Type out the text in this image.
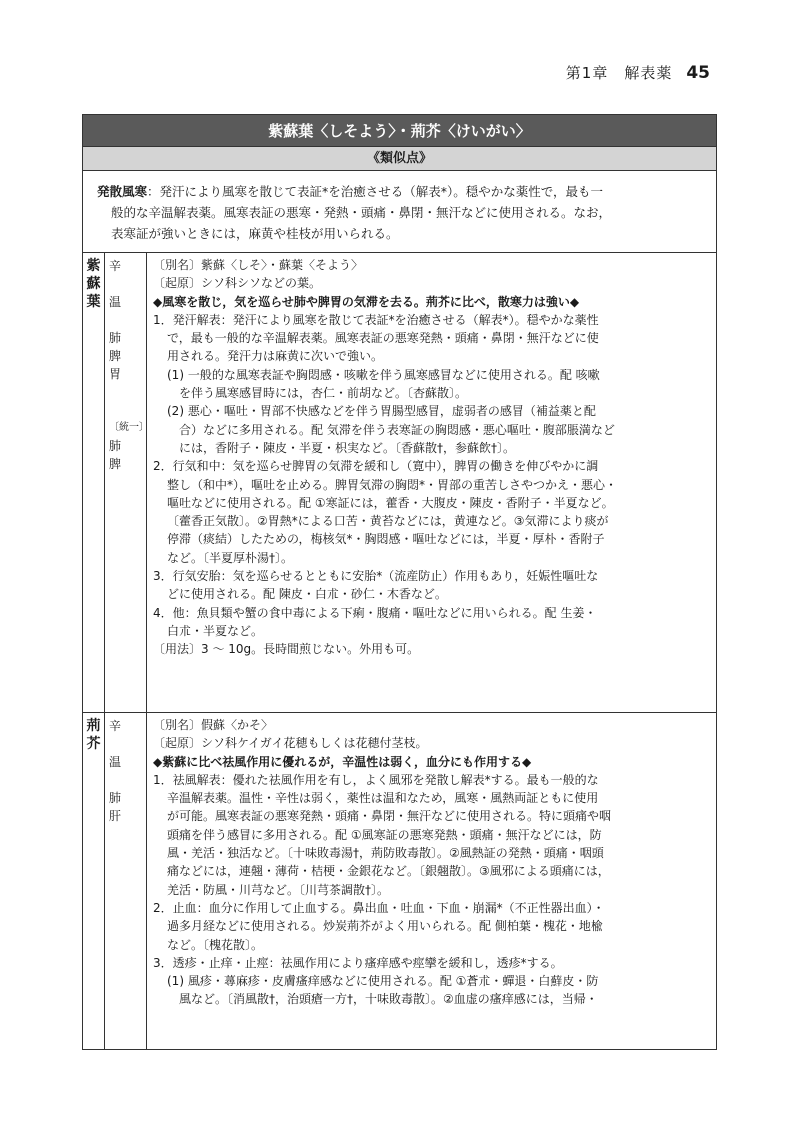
第1章　解表薬 45
紫蘇葉〈しそよう〉・荊芥〈けいがい〉
《類似点》
発散風寒：発汗により風寒を散じて表証*を治癒させる（解表*）。穏やかな薬性で，最も一
般的な辛温解表薬。風寒表証の悪寒・発熱・頭痛・鼻閉・無汗などに使用される。なお，
表寒証が強いときには，麻黄や桂枝が用いられる。
紫
蘇
葉
辛
温
肺
脾
胃
〔統一〕
肺
脾
〔別名〕紫蘇〈しそ〉・蘇葉〈そよう〉
〔起原〕シソ科シソなどの葉。
◆風寒を散じ，気を巡らせ肺や脾胃の気滞を去る。荊芥に比べ，散寒力は強い◆
1．発汗解表：発汗により風寒を散じて表証*を治癒させる（解表*）。穏やかな薬性
で，最も一般的な辛温解表薬。風寒表証の悪寒発熱・頭痛・鼻閉・無汗などに使
用される。発汗力は麻黄に次いで強い。
(1) 一般的な風寒表証や胸悶感・咳嗽を伴う風寒感冒などに使用される。配 咳嗽
を伴う風寒感冒時には，杏仁・前胡など。〔杏蘇散〕。
(2) 悪心・嘔吐・胃部不快感などを伴う胃腸型感冒，虚弱者の感冒（補益薬と配
合）などに多用される。配 気滞を伴う表寒証の胸悶感・悪心嘔吐・腹部脹満など
には，香附子・陳皮・半夏・枳実など。〔香蘇散†，参蘇飲†〕。
2．行気和中：気を巡らせ脾胃の気滞を緩和し（寛中），脾胃の働きを伸びやかに調
整し（和中*），嘔吐を止める。脾胃気滞の胸悶*・胃部の重苦しさやつかえ・悪心・
嘔吐などに使用される。配 ①寒証には，藿香・大腹皮・陳皮・香附子・半夏など。
〔藿香正気散〕。②胃熱*による口苦・黄苔などには，黄連など。③気滞により痰が
停滞（痰結）したための，梅核気*・胸悶感・嘔吐などには，半夏・厚朴・香附子
など。〔半夏厚朴湯†〕。
3．行気安胎：気を巡らせるとともに安胎*（流産防止）作用もあり，妊娠性嘔吐な
どに使用される。配 陳皮・白朮・砂仁・木香など。
4．他：魚貝類や蟹の食中毒による下痢・腹痛・嘔吐などに用いられる。配 生姜・
白朮・半夏など。
〔用法〕3 ～ 10g。長時間煎じない。外用も可。
荊
芥
辛
温
肺
肝
〔別名〕假蘇〈かそ〉
〔起原〕シソ科ケイガイ花穂もしくは花穂付茎枝。
◆紫蘇に比べ祛風作用に優れるが，辛温性は弱く，血分にも作用する◆
1．祛風解表：優れた祛風作用を有し，よく風邪を発散し解表*する。最も一般的な
辛温解表薬。温性・辛性は弱く，薬性は温和なため，風寒・風熱両証ともに使用
が可能。風寒表証の悪寒発熱・頭痛・鼻閉・無汗などに使用される。特に頭痛や咽
頭痛を伴う感冒に多用される。配 ①風寒証の悪寒発熱・頭痛・無汗などには，防
風・羌活・独活など。〔十味敗毒湯†，荊防敗毒散〕。②風熱証の発熱・頭痛・咽頭
痛などには，連翹・薄荷・桔梗・金銀花など。〔銀翹散〕。③風邪による頭痛には，
羌活・防風・川芎など。〔川芎茶調散†〕。
2．止血：血分に作用して止血する。鼻出血・吐血・下血・崩漏*（不正性器出血）・
過多月経などに使用される。炒炭荊芥がよく用いられる。配 側柏葉・槐花・地楡
など。〔槐花散〕。
3．透疹・止痒・止痙：祛風作用により瘙痒感や痙攣を緩和し，透疹*する。
(1) 風疹・蕁麻疹・皮膚瘙痒感などに使用される。配 ①蒼朮・蟬退・白蘚皮・防
風など。〔消風散†，治頭瘡一方†，十味敗毒散〕。②血虚の瘙痒感には，当帰・
